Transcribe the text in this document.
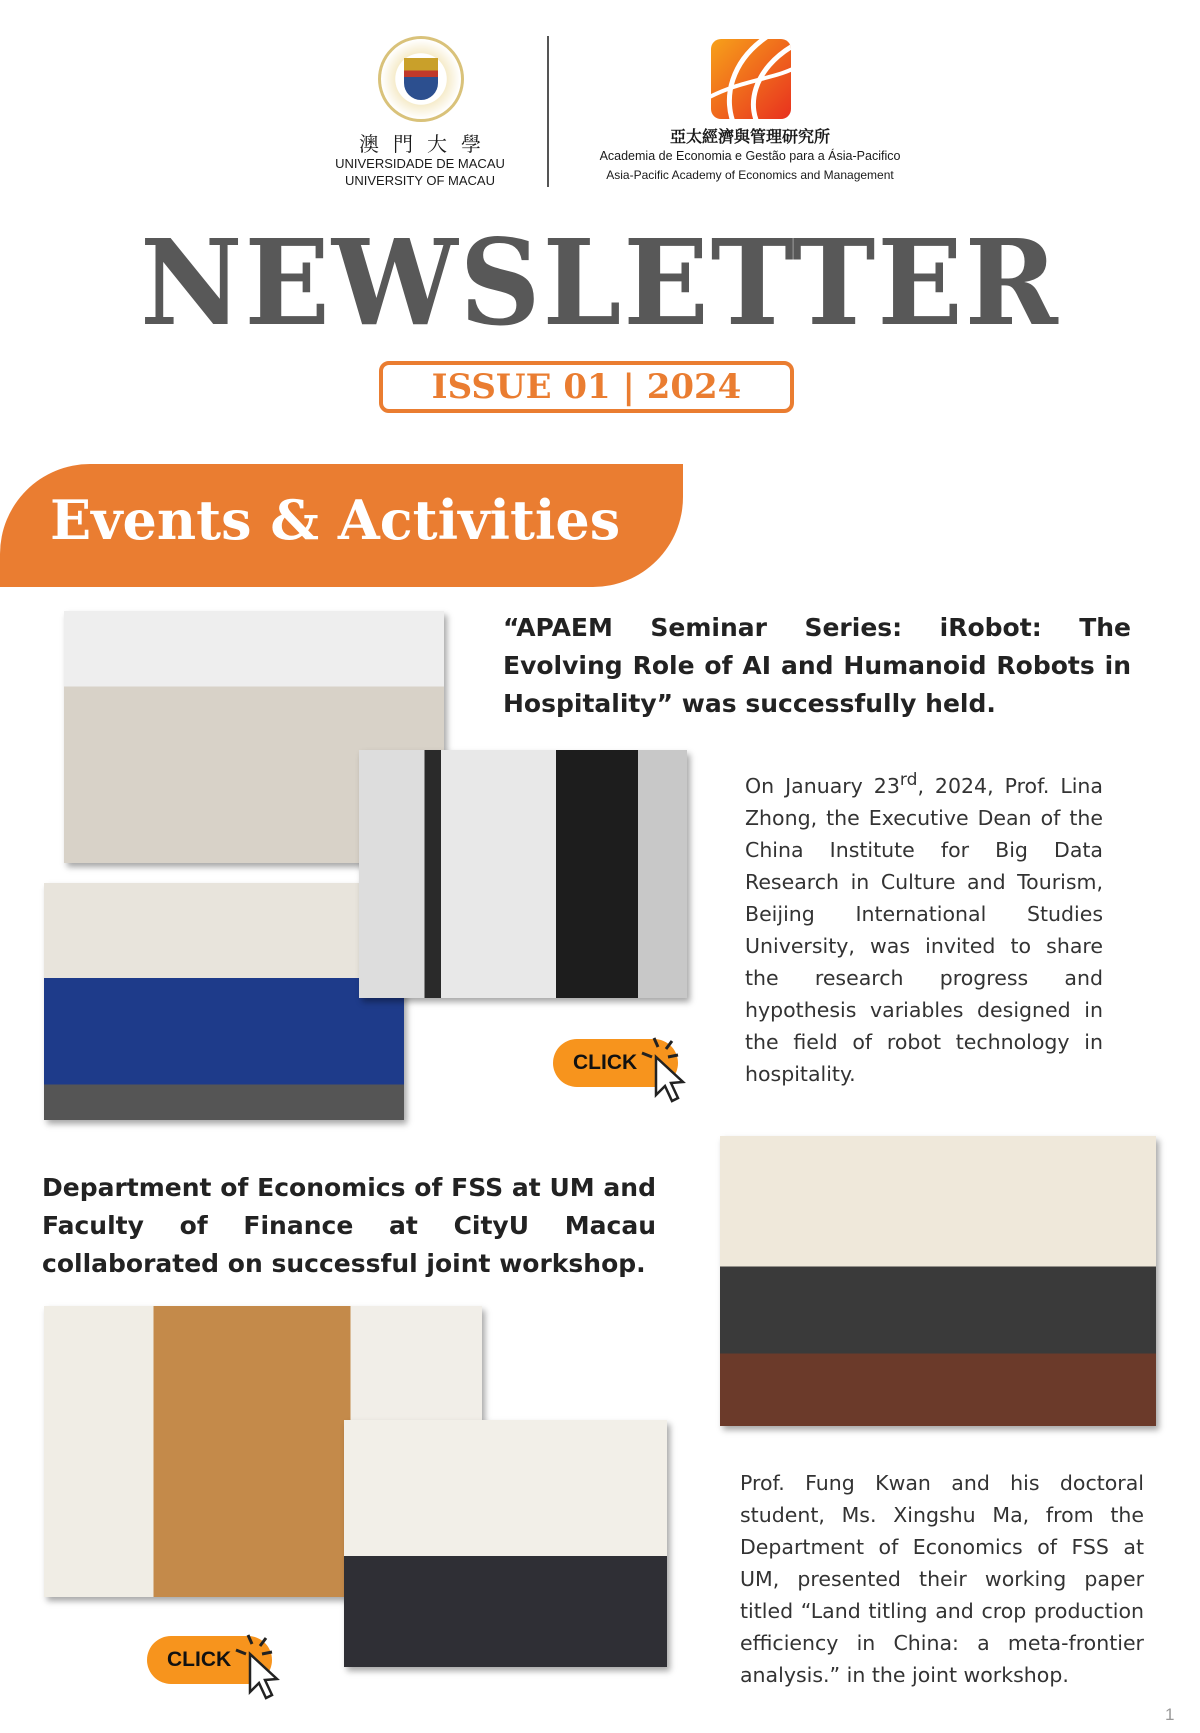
澳門大學
UNIVERSIDADE DE MACAU
UNIVERSITY OF MACAU
亞太經濟與管理研究所
Academia de Economia e Gestão para a Ásia-Pacifico
Asia-Pacific Academy of Economics and Management
NEWSLETTER
ISSUE 01 | 2024
Events & Activities
“APAEM Seminar Series: iRobot: The Evolving Role of AI and Humanoid Robots in Hospitality” was successfully held.
On January 23rd, 2024, Prof. Lina Zhong, the Executive Dean of the China Institute for Big Data Research in Culture and Tourism, Beijing International Studies University, was invited to share the research progress and hypothesis variables designed in the field of robot technology in hospitality.
CLICK
Department of Economics of FSS at UM and Faculty of Finance at CityU Macau collaborated on successful joint workshop.
Prof. Fung Kwan and his doctoral student, Ms. Xingshu Ma, from the Department of Economics of FSS at UM, presented their working paper titled “Land titling and crop production efficiency in China: a meta-frontier analysis.” in the joint workshop.
CLICK
1
